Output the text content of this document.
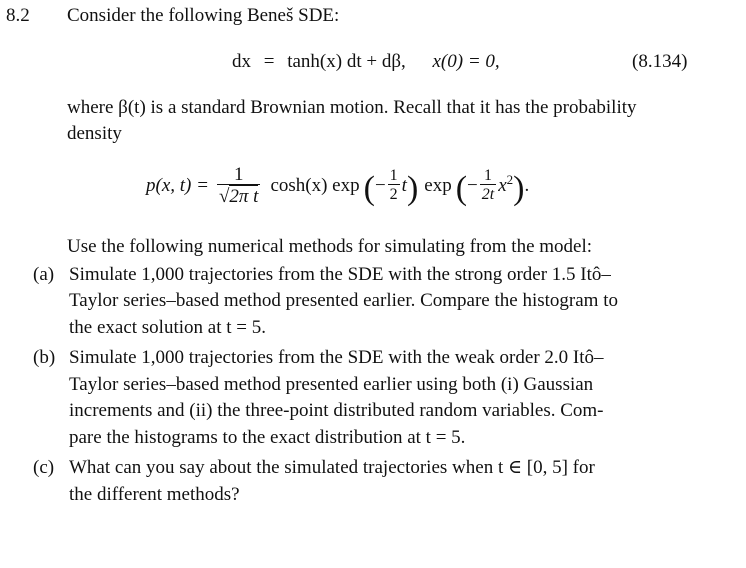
8.2 Consider the following Beneš SDE:
dx = tanh(x) dt + dβ, x(0) = 0,	(8.134)
where β(t) is a standard Brownian motion. Recall that it has the probability
density
p(x, $t) = \frac{1}{\text{√2π t}} \cosh(x)$ exp ( − $\frac{1}{2}$ t ) exp ( − $\frac{1}{2t} x^2$ ) .
Use the following numerical methods for simulating from the model:
(a) Simulate 1,000 trajectories from the SDE with the strong order 1.5 Itô–
Taylor series–based method presented earlier. Compare the histogram to
the exact solution at t = 5.
(b) Simulate 1,000 trajectories from the SDE with the weak order 2.0 Itô–
Taylor series–based method presented earlier using both (i) Gaussian
increments and (ii) the three-point distributed random variables. Com-
pare the histograms to the exact distribution at t = 5.
(c) What can you say about the simulated trajectories when t ∈ [0, 5] for
the different methods?
